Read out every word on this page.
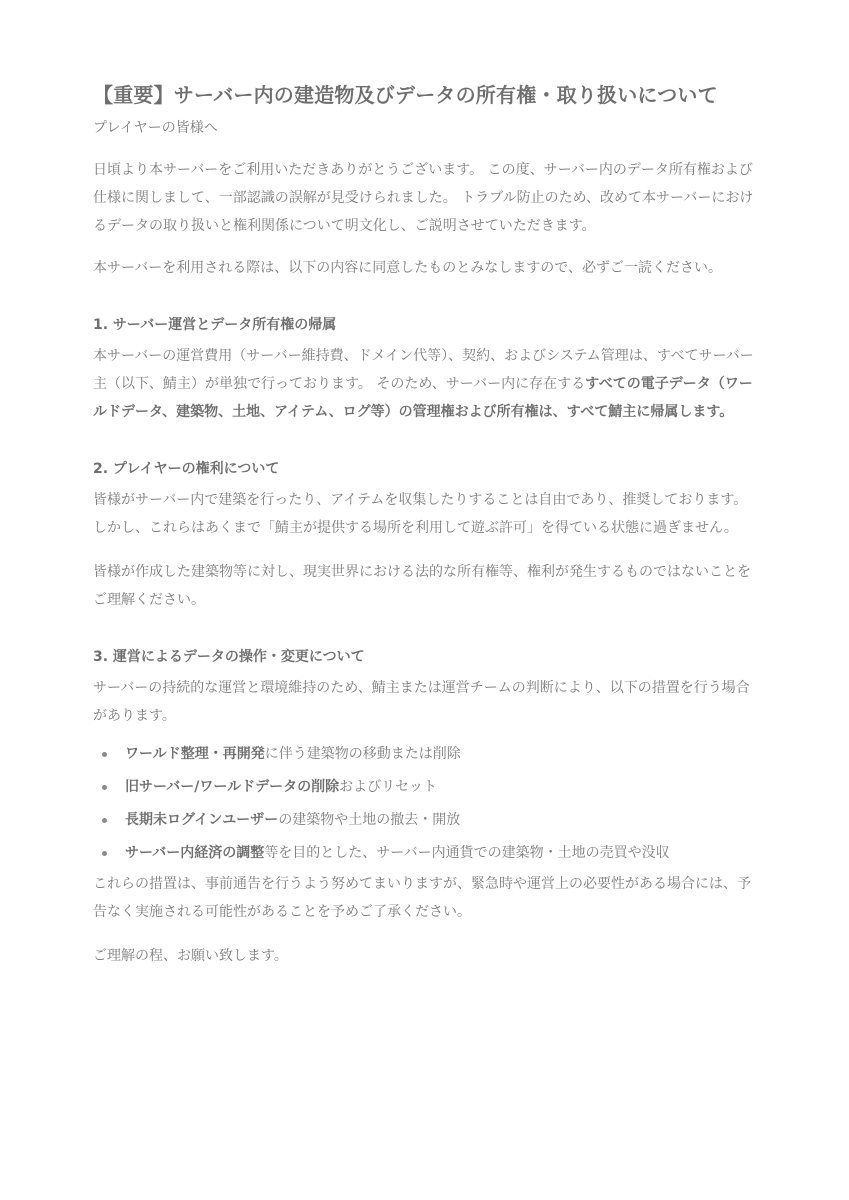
【重要】サーバー内の建造物及びデータの所有権・取り扱いについて

プレイヤーの皆様へ

日頃より本サーバーをご利用いただきありがとうございます。 この度、サーバー内のデータ所有権および仕様に関しまして、一部認識の誤解が見受けられました。 トラブル防止のため、改めて本サーバーにおけるデータの取り扱いと権利関係について明文化し、ご説明させていただきます。

本サーバーを利用される際は、以下の内容に同意したものとみなしますので、必ずご一読ください。

1. サーバー運営とデータ所有権の帰属

本サーバーの運営費用（サーバー維持費、ドメイン代等）、契約、およびシステム管理は、すべてサーバー主（以下、鯖主）が単独で行っております。 そのため、サーバー内に存在するすべての電子データ（ワールドデータ、建築物、土地、アイテム、ログ等）の管理権および所有権は、すべて鯖主に帰属します。

2. プレイヤーの権利について

皆様がサーバー内で建築を行ったり、アイテムを収集したりすることは自由であり、推奨しております。 しかし、これらはあくまで「鯖主が提供する場所を利用して遊ぶ許可」を得ている状態に過ぎません。

皆様が作成した建築物等に対し、現実世界における法的な所有権等、権利が発生するものではないことをご理解ください。

3. 運営によるデータの操作・変更について

サーバーの持続的な運営と環境維持のため、鯖主または運営チームの判断により、以下の措置を行う場合があります。

ワールド整理・再開発に伴う建築物の移動または削除
旧サーバー/ワールドデータの削除およびリセット
長期未ログインユーザーの建築物や土地の撤去・開放
サーバー内経済の調整等を目的とした、サーバー内通貨での建築物・土地の売買や没収

これらの措置は、事前通告を行うよう努めてまいりますが、緊急時や運営上の必要性がある場合には、予告なく実施される可能性があることを予めご了承ください。

ご理解の程、お願い致します。
